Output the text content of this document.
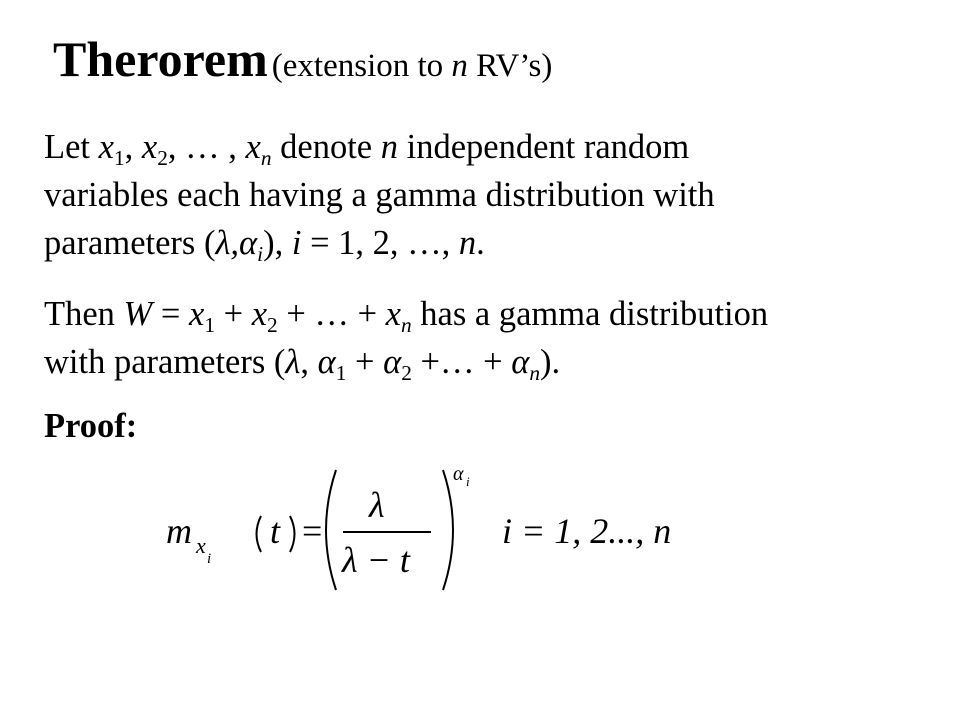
Therorem (extension to n RV’s)
Let $x_1$, $x_2$, … , $x_n$ denote n independent random
variables each having a gamma distribution with
parameters $(\lambda,\alpha_i)$, i = 1, 2, …, n.
Then $W = x_1 + x_2$ + … + $x_n$ has a gamma distribution
with parameters (λ, $\alpha_1 + \alpha_2$ +… + $\alpha_n$).
Proof:
m x
i
t
λ
λ − t
α i
i = 1, 2..., n
=
